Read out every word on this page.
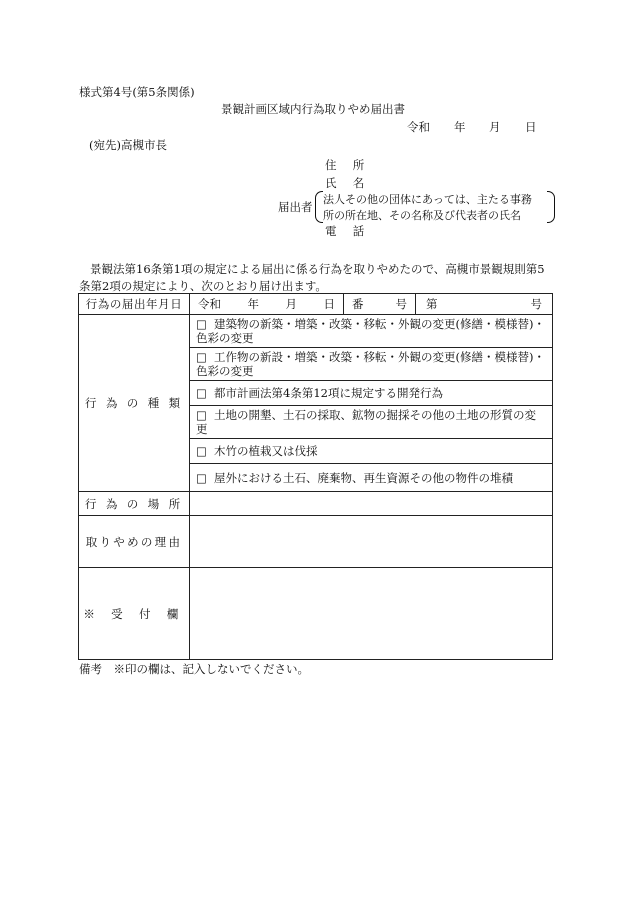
様式第4号(第5条関係)
景観計画区域内行為取りやめ届出書
令和 年 月 日
(宛先)高槻市長
住 所
氏 名
届出者
法人その他の団体にあっては、主たる事務
所の所在地、その名称及び代表者の氏名
電 話
景観法第16条第1項の規定による届出に係る行為を取りやめたので、高槻市景観規則第5
条第2項の規定により、次のとおり届け出ます。
行為の届出年月日	令和 年 月 日	番 号	第 号

行 為 の 種 類	□ 建築物の新築・増築・改築・移転・外観の変更(修繕・模様替)・
色彩の変更		

	□ 工作物の新設・増築・改築・移転・外観の変更(修繕・模様替)・
色彩の変更		

	□ 都市計画法第4条第12項に規定する開発行為		
	□ 土地の開墾、土石の採取、鉱物の掘採その他の土地の形質の変
更		

	□ 木竹の植栽又は伐採		
	□ 屋外における土石、廃棄物、再生資源その他の物件の堆積		
行 為 の 場 所			
取りやめの理由			
※ 受 付 欄			
備考　※印の欄は、記入しないでください。
